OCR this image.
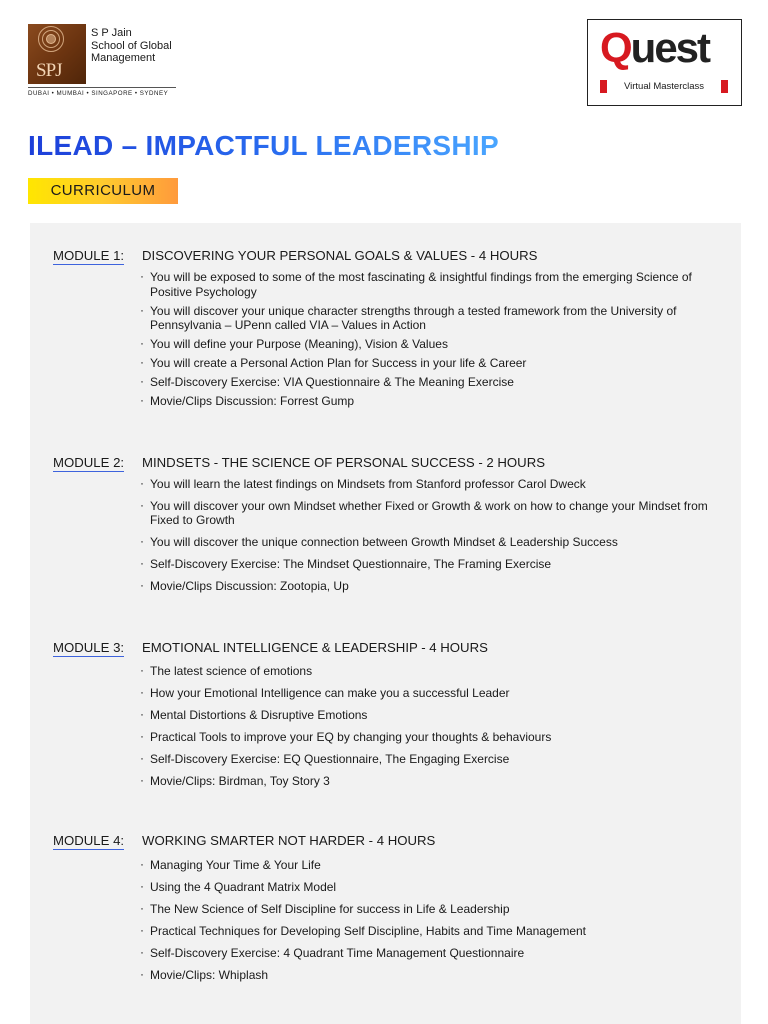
SPJ
S P Jain
School of Global
Management
DUBAI • MUMBAI • SINGAPORE • SYDNEY
Quest
Virtual Masterclass
ILEAD – IMPACTFUL LEADERSHIP
CURRICULUM
MODULE 1: DISCOVERING YOUR PERSONAL GOALS & VALUES - 4 HOURS
· You will be exposed to some of the most fascinating & insightful findings from the emerging Science of Positive Psychology
· You will discover your unique character strengths through a tested framework from the University of Pennsylvania – UPenn called VIA – Values in Action
· You will define your Purpose (Meaning), Vision & Values
· You will create a Personal Action Plan for Success in your life & Career
· Self-Discovery Exercise: VIA Questionnaire & The Meaning Exercise
· Movie/Clips Discussion: Forrest Gump
MODULE 2: MINDSETS - THE SCIENCE OF PERSONAL SUCCESS - 2 HOURS
· You will learn the latest findings on Mindsets from Stanford professor Carol Dweck
· You will discover your own Mindset whether Fixed or Growth & work on how to change your Mindset from Fixed to Growth
· You will discover the unique connection between Growth Mindset & Leadership Success
· Self-Discovery Exercise: The Mindset Questionnaire, The Framing Exercise
· Movie/Clips Discussion: Zootopia, Up
MODULE 3: EMOTIONAL INTELLIGENCE & LEADERSHIP - 4 HOURS
· The latest science of emotions
· How your Emotional Intelligence can make you a successful Leader
· Mental Distortions & Disruptive Emotions
· Practical Tools to improve your EQ by changing your thoughts & behaviours
· Self-Discovery Exercise: EQ Questionnaire, The Engaging Exercise
· Movie/Clips: Birdman, Toy Story 3
MODULE 4: WORKING SMARTER NOT HARDER - 4 HOURS
· Managing Your Time & Your Life
· Using the 4 Quadrant Matrix Model
· The New Science of Self Discipline for success in Life & Leadership
· Practical Techniques for Developing Self Discipline, Habits and Time Management
· Self-Discovery Exercise: 4 Quadrant Time Management Questionnaire
· Movie/Clips: Whiplash
